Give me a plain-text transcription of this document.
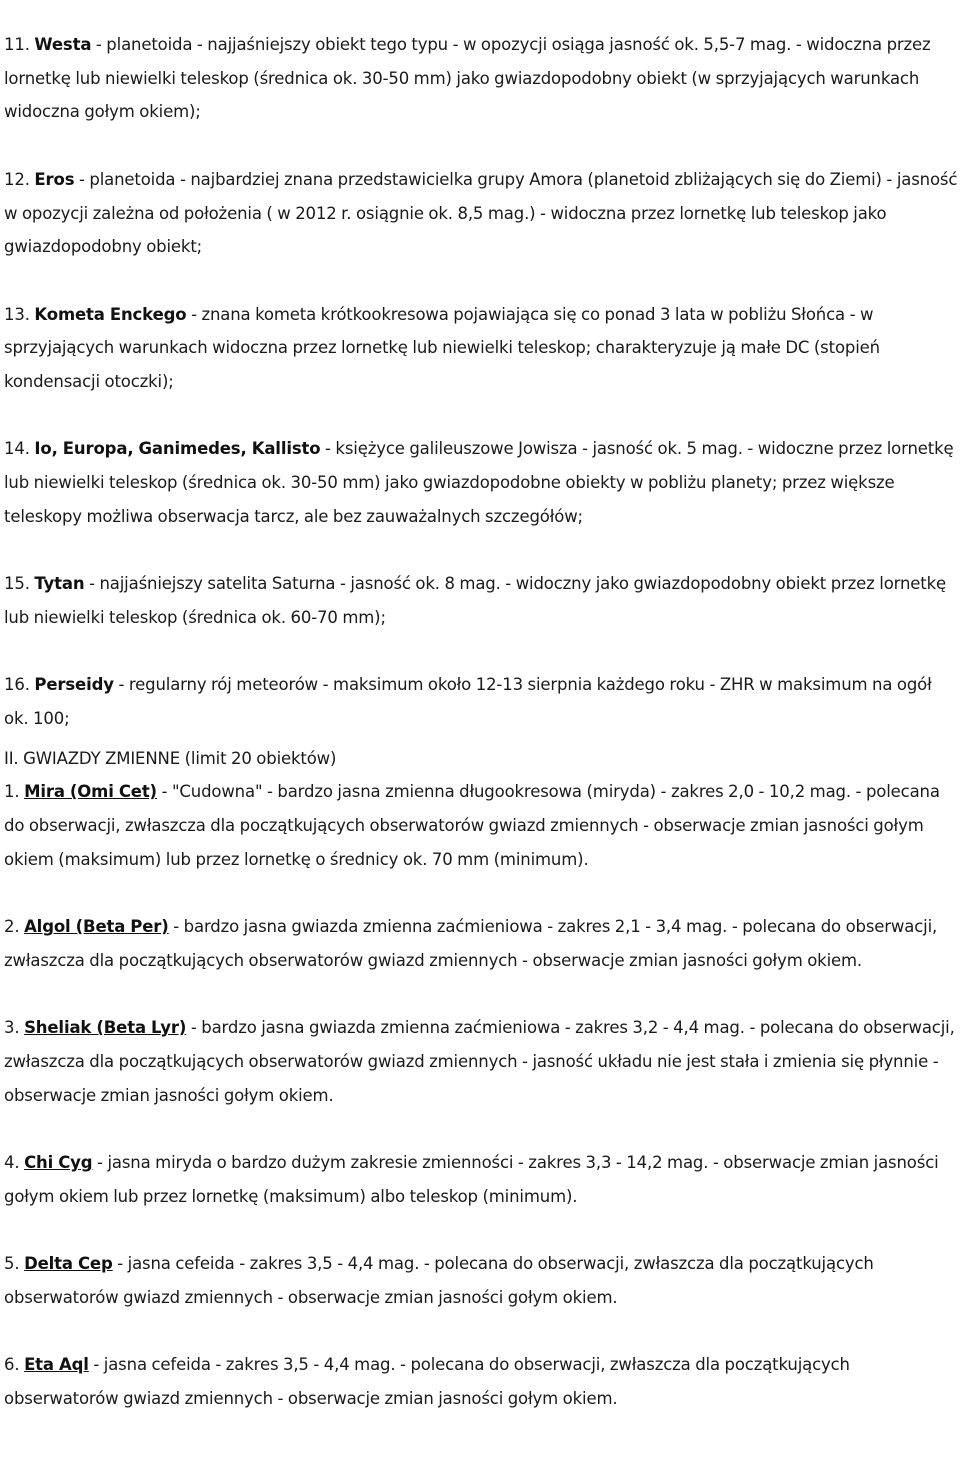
11. Westa - planetoida - najjaśniejszy obiekt tego typu - w opozycji osiąga jasność ok. 5,5-7 mag. - widoczna przez lornetkę lub niewielki teleskop (średnica ok. 30-50 mm) jako gwiazdopodobny obiekt (w sprzyjających warunkach widoczna gołym okiem);

12. Eros - planetoida - najbardziej znana przedstawicielka grupy Amora (planetoid zbliżających się do Ziemi) - jasność w opozycji zależna od położenia ( w 2012 r. osiągnie ok. 8,5 mag.) - widoczna przez lornetkę lub teleskop jako gwiazdopodobny obiekt;

13. Kometa Enckego - znana kometa krótkookresowa pojawiająca się co ponad 3 lata w pobliżu Słońca - w sprzyjających warunkach widoczna przez lornetkę lub niewielki teleskop; charakteryzuje ją małe DC (stopień kondensacji otoczki);

14. Io, Europa, Ganimedes, Kallisto - księżyce galileuszowe Jowisza - jasność ok. 5 mag. - widoczne przez lornetkę lub niewielki teleskop (średnica ok. 30-50 mm) jako gwiazdopodobne obiekty w pobliżu planety; przez większe teleskopy możliwa obserwacja tarcz, ale bez zauważalnych szczegółów;

15. Tytan - najjaśniejszy satelita Saturna - jasność ok. 8 mag. - widoczny jako gwiazdopodobny obiekt przez lornetkę lub niewielki teleskop (średnica ok. 60-70 mm);

16. Perseidy - regularny rój meteorów - maksimum około 12-13 sierpnia każdego roku - ZHR w maksimum na ogół ok. 100;

II. GWIAZDY ZMIENNE (limit 20 obiektów)

1. Mira (Omi Cet) - "Cudowna" - bardzo jasna zmienna długookresowa (miryda) - zakres 2,0 - 10,2 mag. - polecana do obserwacji, zwłaszcza dla początkujących obserwatorów gwiazd zmiennych - obserwacje zmian jasności gołym okiem (maksimum) lub przez lornetkę o średnicy ok. 70 mm (minimum).

2. Algol (Beta Per) - bardzo jasna gwiazda zmienna zaćmieniowa - zakres 2,1 - 3,4 mag. - polecana do obserwacji, zwłaszcza dla początkujących obserwatorów gwiazd zmiennych - obserwacje zmian jasności gołym okiem.

3. Sheliak (Beta Lyr) - bardzo jasna gwiazda zmienna zaćmieniowa - zakres 3,2 - 4,4 mag. - polecana do obserwacji, zwłaszcza dla początkujących obserwatorów gwiazd zmiennych - jasność układu nie jest stała i zmienia się płynnie - obserwacje zmian jasności gołym okiem.

4. Chi Cyg - jasna miryda o bardzo dużym zakresie zmienności - zakres 3,3 - 14,2 mag. - obserwacje zmian jasności gołym okiem lub przez lornetkę (maksimum) albo teleskop (minimum).

5. Delta Cep - jasna cefeida - zakres 3,5 - 4,4 mag. - polecana do obserwacji, zwłaszcza dla początkujących obserwatorów gwiazd zmiennych - obserwacje zmian jasności gołym okiem.

6. Eta Aql - jasna cefeida - zakres 3,5 - 4,4 mag. - polecana do obserwacji, zwłaszcza dla początkujących obserwatorów gwiazd zmiennych - obserwacje zmian jasności gołym okiem.
